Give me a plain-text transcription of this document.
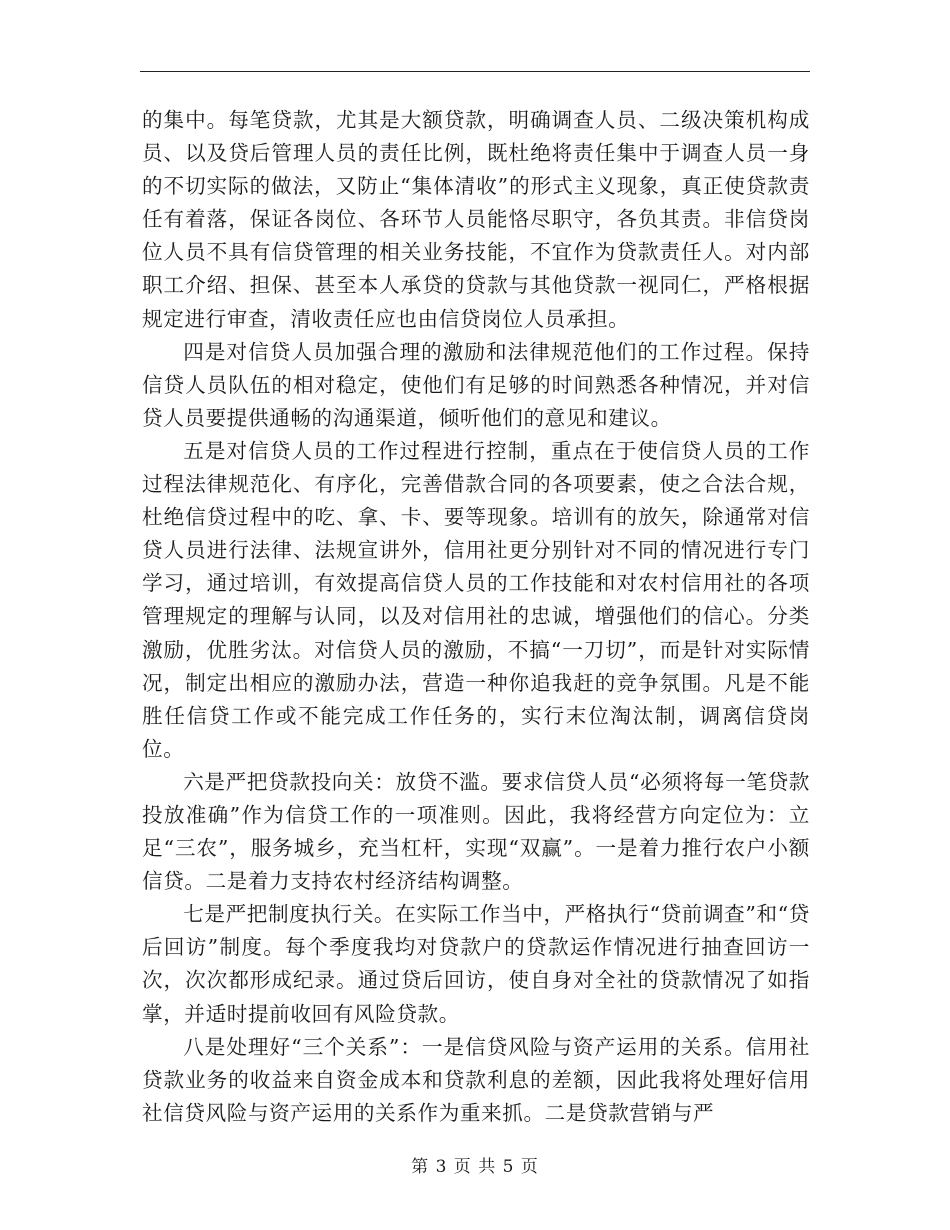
的集中。每笔贷款，尤其是大额贷款，明确调查人员、二级决策机构成员、以及贷后管理人员的责任比例，既杜绝将责任集中于调查人员一身的不切实际的做法，又防止“集体清收”的形式主义现象，真正使贷款责任有着落，保证各岗位、各环节人员能恪尽职守，各负其责。非信贷岗位人员不具有信贷管理的相关业务技能，不宜作为贷款责任人。对内部职工介绍、担保、甚至本人承贷的贷款与其他贷款一视同仁，严格根据规定进行审查，清收责任应也由信贷岗位人员承担。

四是对信贷人员加强合理的激励和法律规范他们的工作过程。保持信贷人员队伍的相对稳定，使他们有足够的时间熟悉各种情况，并对信贷人员要提供通畅的沟通渠道，倾听他们的意见和建议。

五是对信贷人员的工作过程进行控制，重点在于使信贷人员的工作过程法律规范化、有序化，完善借款合同的各项要素，使之合法合规，杜绝信贷过程中的吃、拿、卡、要等现象。培训有的放矢，除通常对信贷人员进行法律、法规宣讲外，信用社更分别针对不同的情况进行专门学习，通过培训，有效提高信贷人员的工作技能和对农村信用社的各项管理规定的理解与认同，以及对信用社的忠诚，增强他们的信心。分类激励，优胜劣汰。对信贷人员的激励，不搞“一刀切”，而是针对实际情况，制定出相应的激励办法，营造一种你追我赶的竞争氛围。凡是不能胜任信贷工作或不能完成工作任务的，实行末位淘汰制，调离信贷岗位。

六是严把贷款投向关：放贷不滥。要求信贷人员“必须将每一笔贷款投放准确”作为信贷工作的一项准则。因此，我将经营方向定位为：立足“三农”，服务城乡，充当杠杆，实现“双赢”。一是着力推行农户小额信贷。二是着力支持农村经济结构调整。

七是严把制度执行关。在实际工作当中，严格执行“贷前调查”和“贷后回访”制度。每个季度我均对贷款户的贷款运作情况进行抽查回访一次，次次都形成纪录。通过贷后回访，使自身对全社的贷款情况了如指掌，并适时提前收回有风险贷款。

八是处理好“三个关系”：一是信贷风险与资产运用的关系。信用社贷款业务的收益来自资金成本和贷款利息的差额，因此我将处理好信用社信贷风险与资产运用的关系作为重来抓。二是贷款营销与严

第 3 页 共 5 页
